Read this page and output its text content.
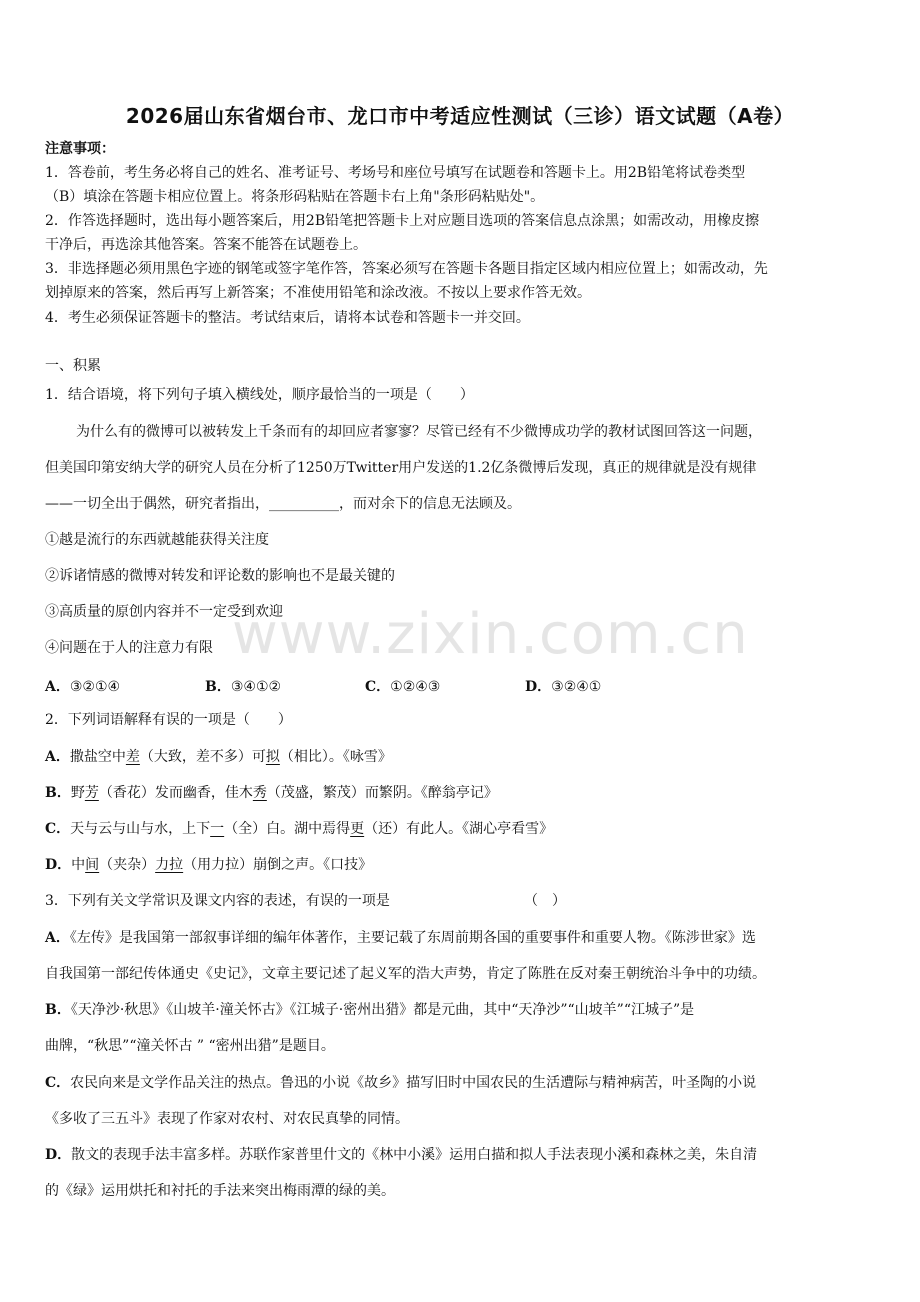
2026届山东省烟台市、龙口市中考适应性测试（三诊）语文试题（A卷）
注意事项：
1．答卷前，考生务必将自己的姓名、准考证号、考场号和座位号填写在试题卷和答题卡上。用2B铅笔将试卷类型
（B）填涂在答题卡相应位置上。将条形码粘贴在答题卡右上角"条形码粘贴处"。
2．作答选择题时，选出每小题答案后，用2B铅笔把答题卡上对应题目选项的答案信息点涂黑；如需改动，用橡皮擦
干净后，再选涂其他答案。答案不能答在试题卷上。
3．非选择题必须用黑色字迹的钢笔或签字笔作答，答案必须写在答题卡各题目指定区域内相应位置上；如需改动，先
划掉原来的答案，然后再写上新答案；不准使用铅笔和涂改液。不按以上要求作答无效。
4．考生必须保证答题卡的整洁。考试结束后，请将本试卷和答题卡一并交回。
一、积累
1．结合语境，将下列句子填入横线处，顺序最恰当的一项是（　　）
为什么有的微博可以被转发上千条而有的却回应者寥寥？尽管已经有不少微博成功学的教材试图回答这一问题，
但美国印第安纳大学的研究人员在分析了1250万Twitter用户发送的1.2亿条微博后发现，真正的规律就是没有规律
——一切全出于偶然，研究者指出，__________，而对余下的信息无法顾及。
①越是流行的东西就越能获得关注度
②诉诸情感的微博对转发和评论数的影响也不是最关键的
③高质量的原创内容并不一定受到欢迎
④问题在于人的注意力有限
A．③②①④	B．③④①②	C．①②④③	D．③②④①
www.zixin.com.cn
2．下列词语解释有误的一项是（　　）
A．撒盐空中差（大致，差不多）可拟（相比）。《咏雪》
B．野芳（香花）发而幽香，佳木秀（茂盛，繁茂）而繁阴。《醉翁亭记》
C．天与云与山与水，上下一（全）白。湖中焉得更（还）有此人。《湖心亭看雪》
D．中间（夹杂）力拉（用力拉）崩倒之声。《口技》
3．下列有关文学常识及课文内容的表述，有误的一项是	（　）
A．《左传》是我国第一部叙事详细的编年体著作，主要记载了东周前期各国的重要事件和重要人物。《陈涉世家》选
自我国第一部纪传体通史《史记》，文章主要记述了起义军的浩大声势，肯定了陈胜在反对秦王朝统治斗争中的功绩。
B．《天净沙·秋思》《山坡羊·潼关怀古》《江城子·密州出猎》都是元曲，其中“天净沙”“山坡羊”“江城子”是
曲牌，“秋思”“潼关怀古 ” “密州出猎”是题目。
C．农民向来是文学作品关注的热点。鲁迅的小说《故乡》描写旧时中国农民的生活遭际与精神病苦，叶圣陶的小说
《多收了三五斗》表现了作家对农村、对农民真挚的同情。
D．散文的表现手法丰富多样。苏联作家普里什文的《林中小溪》运用白描和拟人手法表现小溪和森林之美，朱自清
的《绿》运用烘托和衬托的手法来突出梅雨潭的绿的美。
